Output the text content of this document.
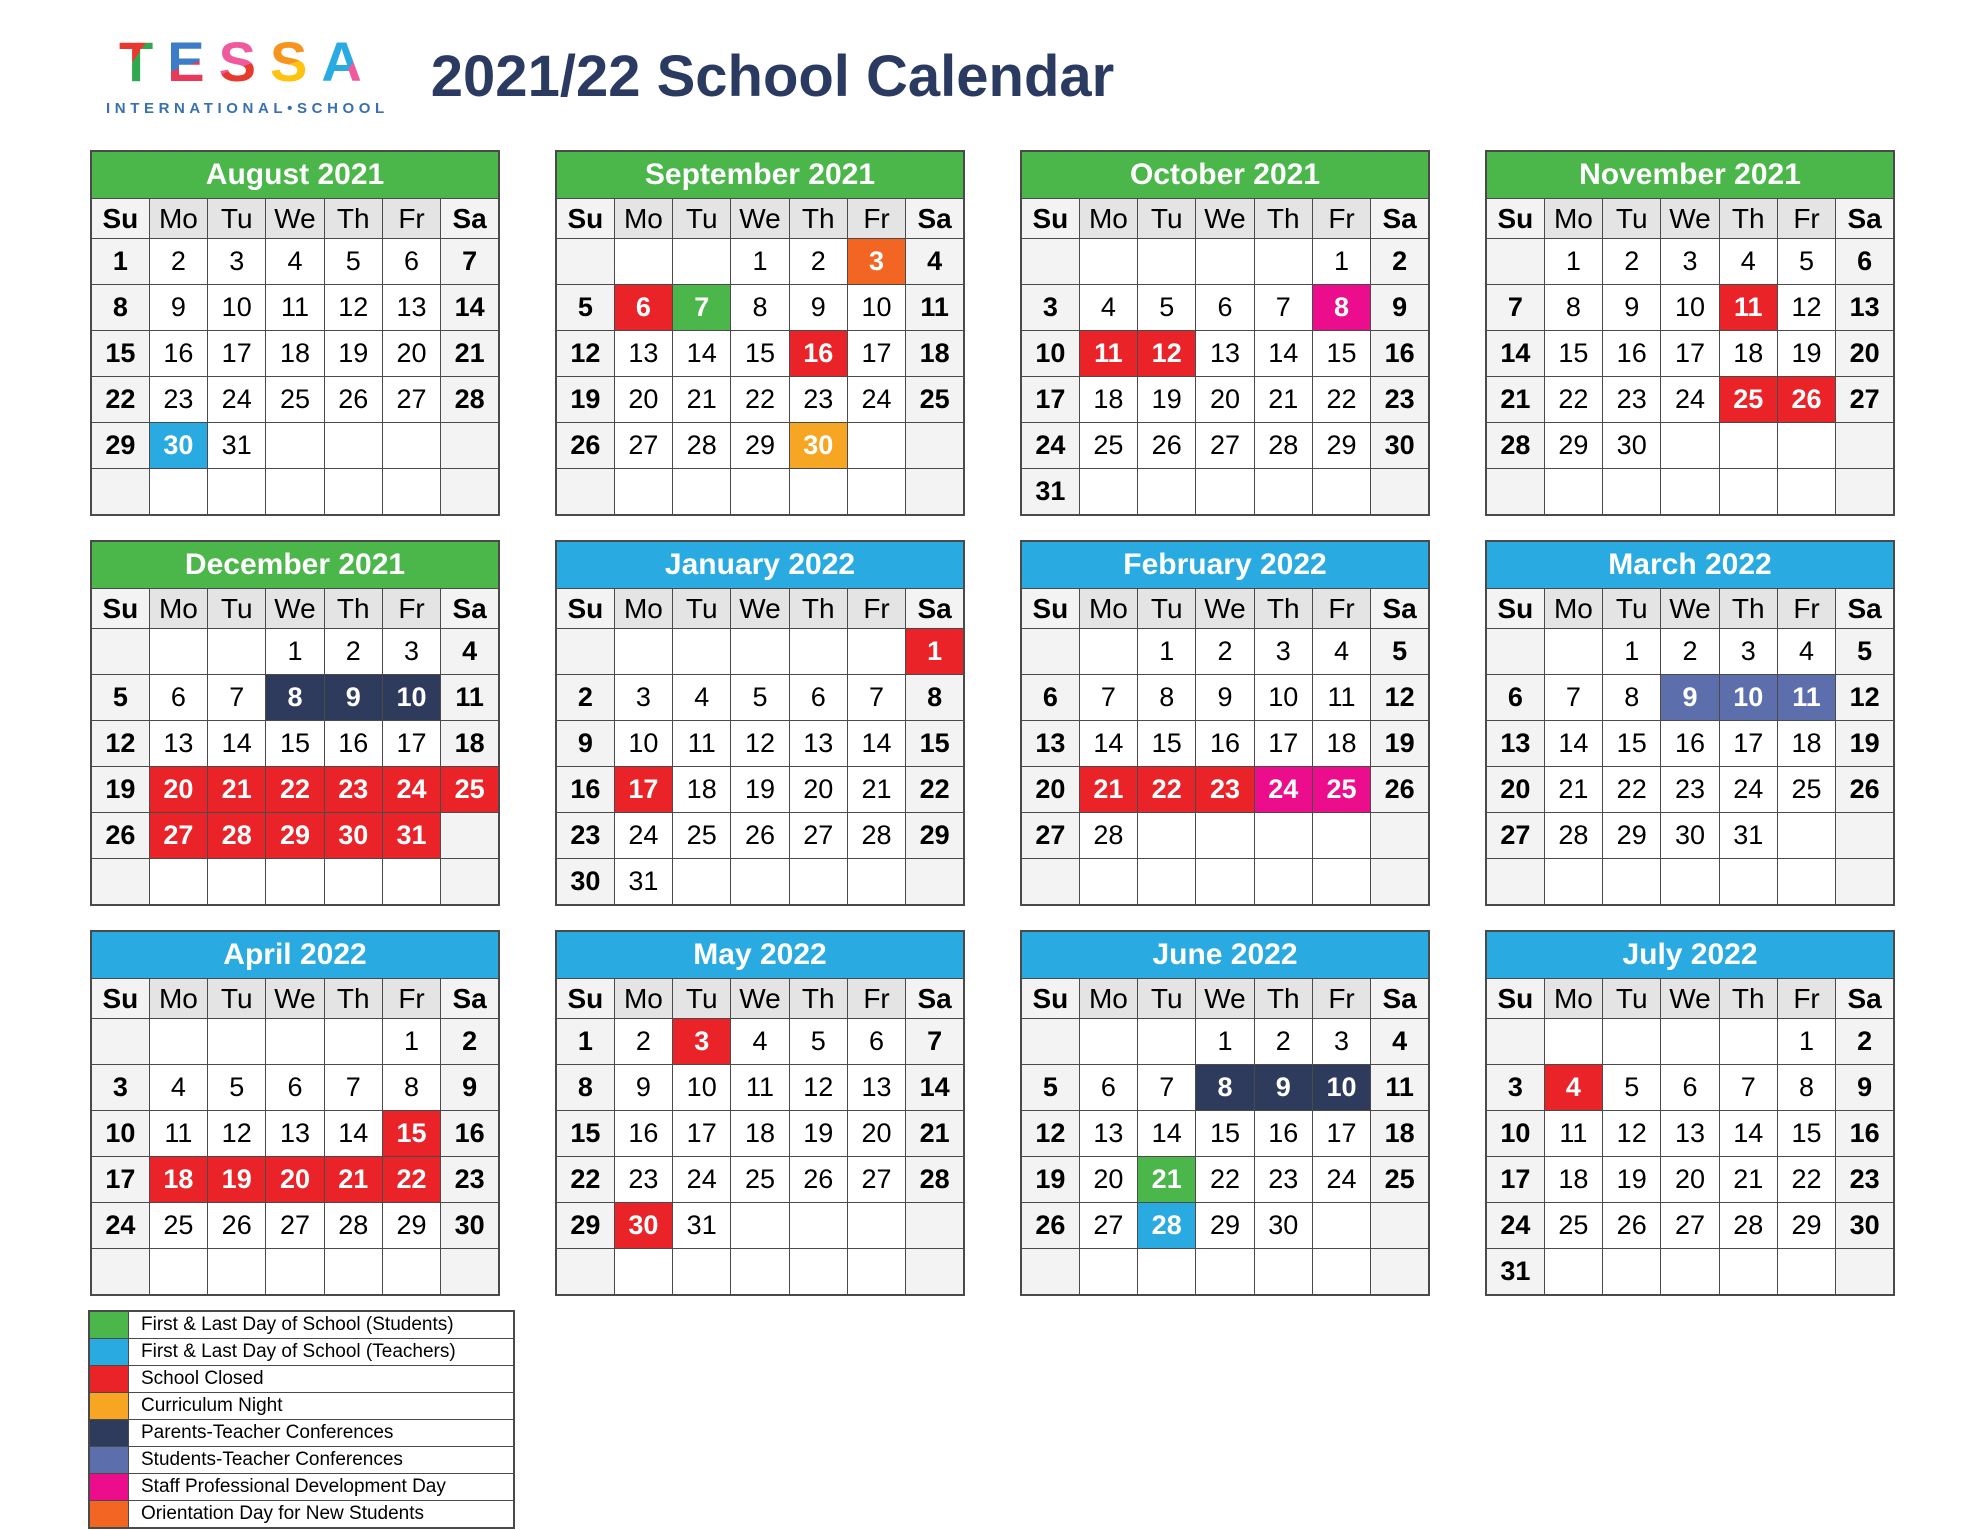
TESSA
INTERNATIONAL•SCHOOL 2021/22 School Calendar
August 2021						
Su	Mo	Tu	We	Th	Fr	Sa
1	2	3	4	5	6	7
8	9	10	11	12	13	14
15	16	17	18	19	20	21
22	23	24	25	26	27	28
29	30	31				

September 2021						
Su	Mo	Tu	We	Th	Fr	Sa
			1	2	3	4
5	6	7	8	9	10	11
12	13	14	15	16	17	18
19	20	21	22	23	24	25
26	27	28	29	30		

October 2021						
Su	Mo	Tu	We	Th	Fr	Sa
					1	2
3	4	5	6	7	8	9
10	11	12	13	14	15	16
17	18	19	20	21	22	23
24	25	26	27	28	29	30
31						
November 2021						
Su	Mo	Tu	We	Th	Fr	Sa
	1	2	3	4	5	6
7	8	9	10	11	12	13
14	15	16	17	18	19	20
21	22	23	24	25	26	27
28	29	30				

December 2021						
Su	Mo	Tu	We	Th	Fr	Sa
			1	2	3	4
5	6	7	8	9	10	11
12	13	14	15	16	17	18
19	20	21	22	23	24	25
26	27	28	29	30	31	

January 2022						
Su	Mo	Tu	We	Th	Fr	Sa
						1
2	3	4	5	6	7	8
9	10	11	12	13	14	15
16	17	18	19	20	21	22
23	24	25	26	27	28	29
30	31					
February 2022						
Su	Mo	Tu	We	Th	Fr	Sa
		1	2	3	4	5
6	7	8	9	10	11	12
13	14	15	16	17	18	19
20	21	22	23	24	25	26
27	28					

March 2022						
Su	Mo	Tu	We	Th	Fr	Sa
		1	2	3	4	5
6	7	8	9	10	11	12
13	14	15	16	17	18	19
20	21	22	23	24	25	26
27	28	29	30	31		

April 2022						
Su	Mo	Tu	We	Th	Fr	Sa
					1	2
3	4	5	6	7	8	9
10	11	12	13	14	15	16
17	18	19	20	21	22	23
24	25	26	27	28	29	30

May 2022						
Su	Mo	Tu	We	Th	Fr	Sa
1	2	3	4	5	6	7
8	9	10	11	12	13	14
15	16	17	18	19	20	21
22	23	24	25	26	27	28
29	30	31				

June 2022						
Su	Mo	Tu	We	Th	Fr	Sa
			1	2	3	4
5	6	7	8	9	10	11
12	13	14	15	16	17	18
19	20	21	22	23	24	25
26	27	28	29	30		

July 2022						
Su	Mo	Tu	We	Th	Fr	Sa
					1	2
3	4	5	6	7	8	9
10	11	12	13	14	15	16
17	18	19	20	21	22	23
24	25	26	27	28	29	30
31						
	First & Last Day of School (Students)
	First & Last Day of School (Teachers)
	School Closed
	Curriculum Night
	Parents-Teacher Conferences
	Students-Teacher Conferences
	Staff Professional Development Day
	Orientation Day for New Students
